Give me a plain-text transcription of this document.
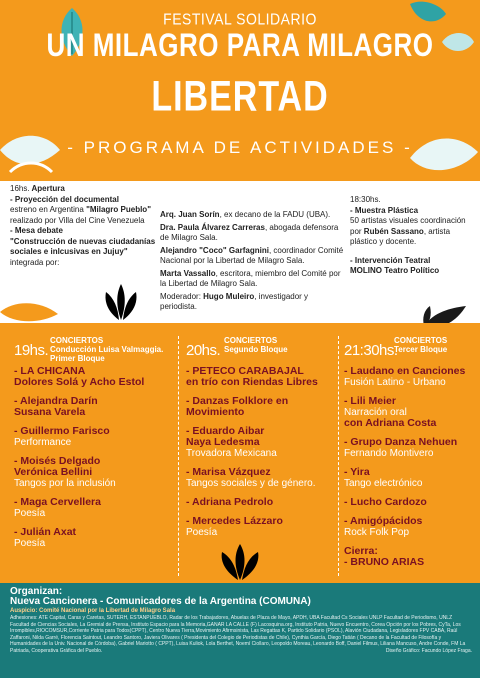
FESTIVAL SOLIDARIO
UN MILAGRO PARA MILAGRO
LIBERTAD
- PROGRAMA DE ACTIVIDADES -
16hs. Apertura
- Proyección del documental
estreno en Argentina "Milagro Pueblo"
realizado por Villa del Cine Venezuela
- Mesa debate
"Construcción de nuevas ciudadanías
sociales e inlcusivas en Jujuy"
integrada por:
Arq. Juan Sorín, ex decano de la FADU (UBA).
Dra. Paula Álvarez Carreras, abogada defensora
de Milagro Sala.
Alejandro "Coco" Garfagnini, coordinador Comité
Nacional por la Libertad de Milagro Sala.
Marta Vassallo, escritora, miembro del Comité por
la Libertad de Milagro Sala.
Moderador: Hugo Muleiro, investigador y periodista.
18:30hs.
- Muestra Plástica
50 artistas visuales coordinación
por Rubén Sassano, artista
plástico y docente.
- Intervención Teatral
MOLINO Teatro Político
19hs.
CONCIERTOS
Conducción Luisa Valmaggia.
Primer Bloque
- LA CHICANA
Dolores Solá y Acho Estol
- Alejandra Darín
Susana Varela
- Guillermo Farisco
Performance
- Moisés Delgado
Verónica Bellini
Tangos por la inclusión
- Maga Cervellera
Poesía
- Julián Axat
Poesía
20hs.
CONCIERTOS
Segundo Bloque
- PETECO CARABAJAL
en trío con Riendas Libres
- Danzas Folklore en Movimiento
- Eduardo Aibar
Naya Ledesma
Trovadora Mexicana
- Marisa Vázquez
Tangos sociales y de género.
- Adriana Pedrolo
- Mercedes Lázzaro
Poesía
21:30hs.
CONCIERTOS
Tercer Bloque
- Laudano en Canciones
Fusión Latino - Urbano
- Lili Meier
Narración oral
con Adriana Costa
- Grupo Danza Nehuen
Fernando Montivero
- Yira
Tango electrónico
- Lucho Cardozo
- Amigópácidos
Rock Folk Pop
Cierra:
- BRUNO ARIAS
Organizan:
Nueva Cancionera - Comunicadores de la Argentina (COMUNA)
Auspicio: Comité Nacional por la Libertad de Milagro Sala
Adhesiones: ATE Capital, Caras y Caretas, SUTERH, ESTANPUEBLO, Radar de los Trabajadores, Abuelas de Plaza de Mayo, APDH, UBA Facultad Cs Sociales UNLP Facultad de Periodismo, UNLZ Facultad de Ciencias Sociales, La Gremial de Prensa, Instituto Espacio para la Memoria,GANAR LA CALLE (F) Lacosquina.org, Instituto Patria, Nuevo Encuentro, Corea Opción por los Pobres, CyTa, Los Irrompibles,RIOCOMSUR,Corriente Patria para Todos(CPPT), Centro Nueva Tierra,Movimiento Afirmsinista, Las Regattas K, Partido Solidario (PSOL), Alavión Ciudadana, Legisladores FPV CABA, Raúl Zaffaroni, Nilda Garré, Florencia Saintout, Leandro Santoro, Javiera Olivares ( Presidenta del Colegio de Periodistas de Chile), Cynthia García, Diego Tatián ( Decano de la Facultad de Filosofía y Humanidades de la Univ. Nacional de Córdoba), Gabriel Mariotto ( CPPT), Luisa Kuliok, Lola Berthet, Noemí Ciollaro, Leopoldo Moreau, Leonardo Boff, Daniel Filmus, Liliana Mancuso, Andre Conde, FM La Patriada, Cooperativa Gráfica del Pueblo.	Diseño Gráfico: Facundo López Fraga.
